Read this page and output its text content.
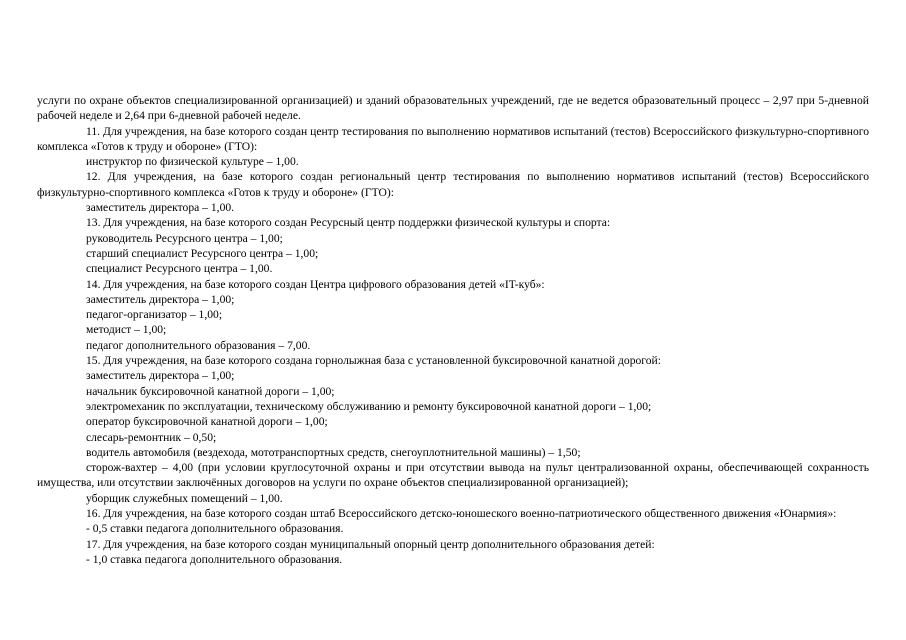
услуги по охране объектов специализированной организацией) и зданий образовательных учреждений, где не ведется образовательный процесс – 2,97 при 5-дневной рабочей неделе и 2,64 при 6-дневной рабочей неделе.

11. Для учреждения, на базе которого создан центр тестирования по выполнению нормативов испытаний (тестов) Всероссийского физкультурно-спортивного комплекса «Готов к труду и обороне» (ГТО):

инструктор по физической культуре – 1,00.

12. Для учреждения, на базе которого создан региональный центр тестирования по выполнению нормативов испытаний (тестов) Всероссийского физкультурно-спортивного комплекса «Готов к труду и обороне» (ГТО):

заместитель директора – 1,00.

13. Для учреждения, на базе которого создан Ресурсный центр поддержки физической культуры и спорта:

руководитель Ресурсного центра – 1,00;

старший специалист Ресурсного центра – 1,00;

специалист Ресурсного центра – 1,00.

14. Для учреждения, на базе которого создан Центра цифрового образования детей «IT-куб»:

заместитель директора – 1,00;

педагог-организатор – 1,00;

методист – 1,00;

педагог дополнительного образования – 7,00.

15. Для учреждения, на базе которого создана горнолыжная база с установленной буксировочной канатной дорогой:

заместитель директора – 1,00;

начальник буксировочной канатной дороги – 1,00;

электромеханик по эксплуатации, техническому обслуживанию и ремонту буксировочной канатной дороги – 1,00;

оператор буксировочной канатной дороги – 1,00;

слесарь-ремонтник – 0,50;

водитель автомобиля (вездехода, мототранспортных средств, снегоуплотнительной машины) – 1,50;

сторож-вахтер – 4,00 (при условии круглосуточной охраны и при отсутствии вывода на пульт централизованной охраны, обеспечивающей сохранность имущества, или отсутствии заключённых договоров на услуги по охране объектов специализированной организацией);

уборщик служебных помещений – 1,00.

16. Для учреждения, на базе которого создан штаб Всероссийского детско-юношеского военно-патриотического общественного движения «Юнармия»:

- 0,5 ставки педагога дополнительного образования.

17. Для учреждения, на базе которого создан муниципальный опорный центр дополнительного образования детей:

- 1,0 ставка педагога дополнительного образования.
